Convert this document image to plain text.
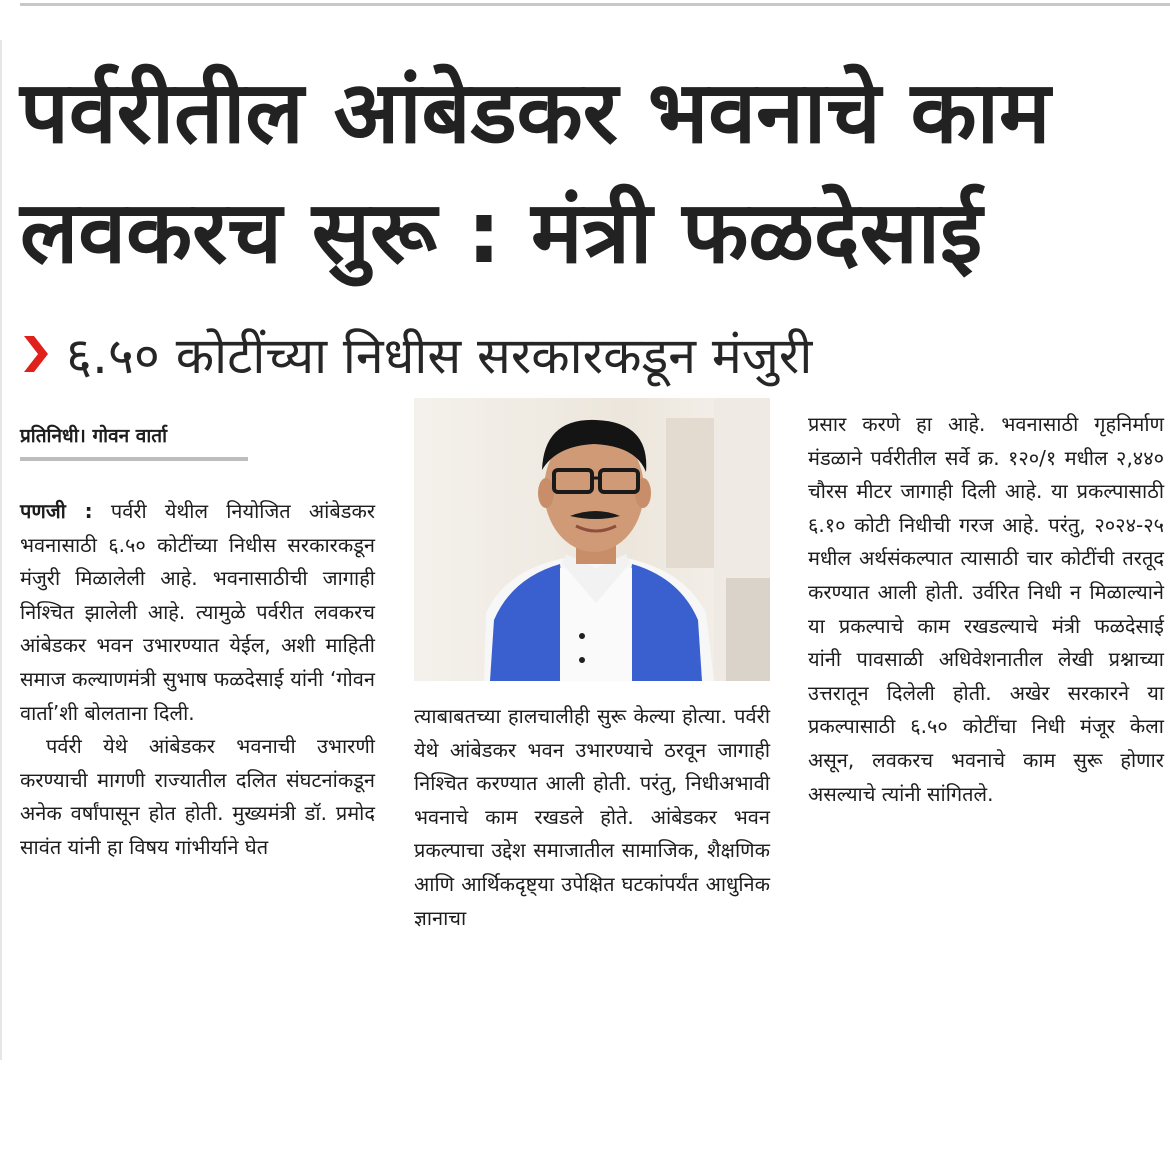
पर्वरीतील आंबेडकर भवनाचे काम
लवकरच सुरू : मंत्री फळदेसाई
६.५० कोटींच्या निधीस सरकारकडून मंजुरी
प्रतिनिधी। गोवन वार्ता

पणजी : पर्वरी येथील नियोजित आंबेडकर भवनासाठी ६.५० कोटींच्या निधीस सरकारकडून मंजुरी मिळालेली आहे. भवनासाठीची जागाही निश्चित झालेली आहे. त्यामुळे पर्वरीत लवकरच आंबेडकर भवन उभारण्यात येईल, अशी माहिती समाज कल्याणमंत्री सुभाष फळदेसाई यांनी ‘गोवन वार्ता’शी बोलताना दिली.

पर्वरी येथे आंबेडकर भवनाची उभारणी करण्याची मागणी राज्यातील दलित संघटनांकडून अनेक वर्षांपासून होत होती. मुख्यमंत्री डॉ. प्रमोद सावंत यांनी हा विषय गांभीर्याने घेत

त्याबाबतच्या हालचालीही सुरू केल्या होत्या. पर्वरी येथे आंबेडकर भवन उभारण्याचे ठरवून जागाही निश्चित करण्यात आली होती. परंतु, निधीअभावी भवनाचे काम रखडले होते. आंबेडकर भवन प्रकल्पाचा उद्देश समाजातील सामाजिक, शैक्षणिक आणि आर्थिकदृष्ट्या उपेक्षित घटकांपर्यंत आधुनिक ज्ञानाचा
प्रसार करणे हा आहे. भवनासाठी गृहनिर्माण मंडळाने पर्वरीतील सर्वे क्र. १२०/१ मधील २,४४० चौरस मीटर जागाही दिली आहे. या प्रकल्पासाठी ६.१० कोटी निधीची गरज आहे. परंतु, २०२४-२५ मधील अर्थसंकल्पात त्यासाठी चार कोटींची तरतूद करण्यात आली होती. उर्वरित निधी न मिळाल्याने या प्रकल्पाचे काम रखडल्याचे मंत्री फळदेसाई यांनी पावसाळी अधिवेशनातील लेखी प्रश्नाच्या उत्तरातून दिलेली होती. अखेर सरकारने या प्रकल्पासाठी ६.५० कोटींचा निधी मंजूर केला असून, लवकरच भवनाचे काम सुरू होणार असल्याचे त्यांनी सांगितले.
